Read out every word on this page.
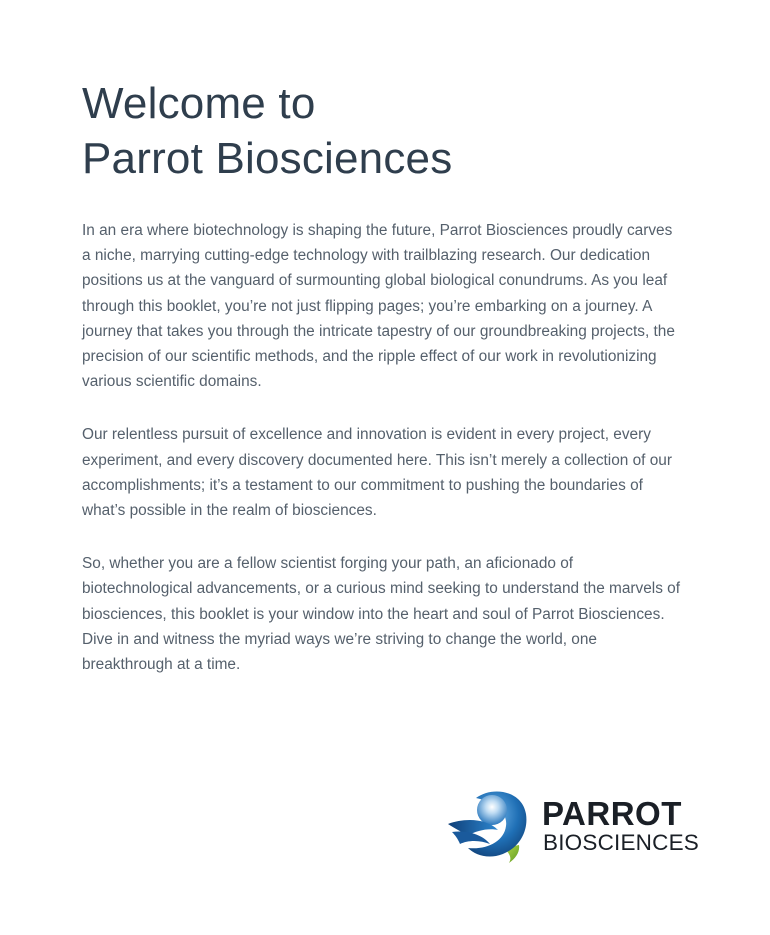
Welcome to
Parrot Biosciences

In an era where biotechnology is shaping the future, Parrot Biosciences proudly carves a niche, marrying cutting-edge technology with trailblazing research. Our dedication positions us at the vanguard of surmounting global biological conundrums. As you leaf through this booklet, you’re not just flipping pages; you’re embarking on a journey. A journey that takes you through the intricate tapestry of our groundbreaking projects, the precision of our scientific methods, and the ripple effect of our work in revolutionizing various scientific domains.

Our relentless pursuit of excellence and innovation is evident in every project, every experiment, and every discovery documented here. This isn’t merely a collection of our accomplishments; it’s a testament to our commitment to pushing the boundaries of what’s possible in the realm of biosciences.

So, whether you are a fellow scientist forging your path, an aficionado of biotechnological advancements, or a curious mind seeking to understand the marvels of biosciences, this booklet is your window into the heart and soul of Parrot Biosciences. Dive in and witness the myriad ways we’re striving to change the world, one breakthrough at a time.

PARROT
BIOSCIENCES
